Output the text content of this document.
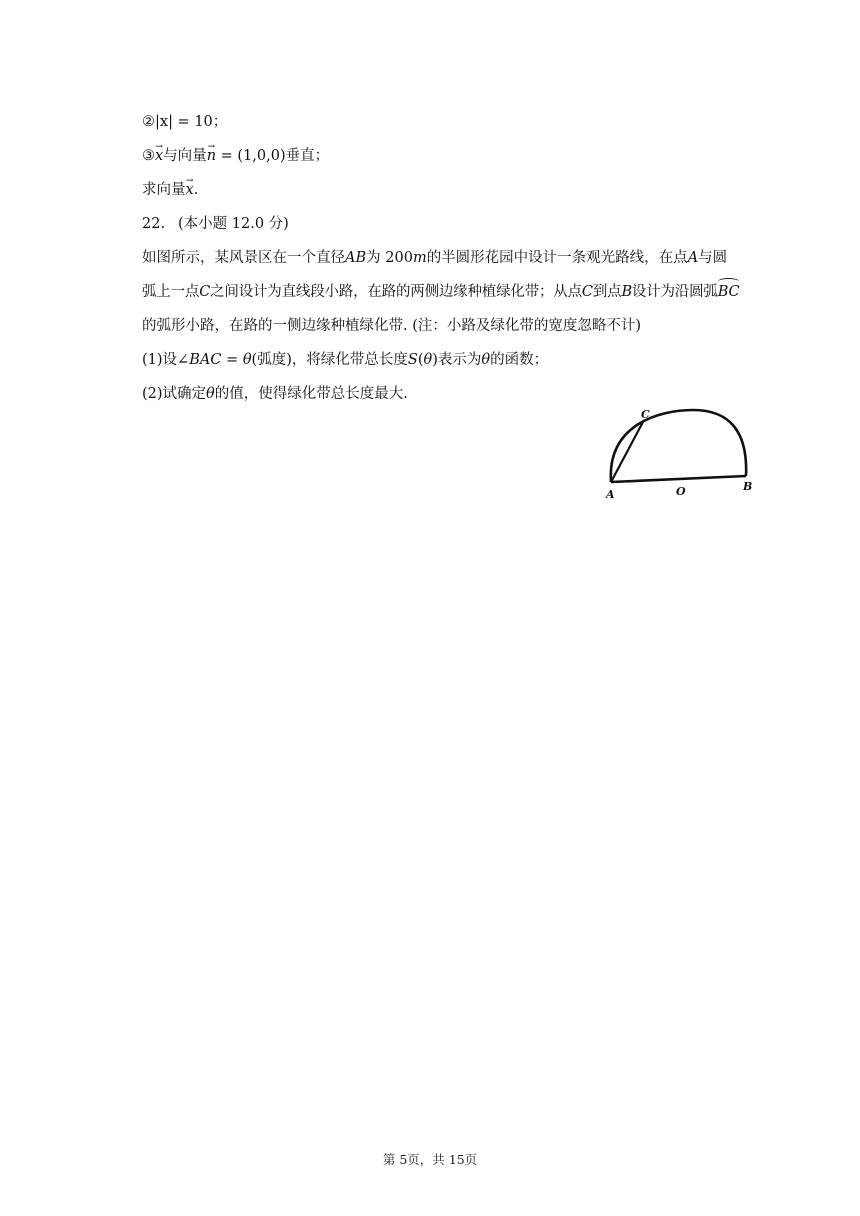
②|x| = 10；
③→ x与向量→ n = (1,0,0)垂直；
求向量→ x.
22. (本小题 12.0 分)
如图所示，某风景区在一个直径AB为 200m的半圆形花园中设计一条观光路线，在点A与圆
弧上一点C之间设计为直线段小路，在路的两侧边缘种植绿化带；从点C到点B设计为沿圆弧BC
的弧形小路，在路的一侧边缘种植绿化带. (注：小路及绿化带的宽度忽略不计)
(1)设∠BAC = θ(弧度)，将绿化带总长度S(θ)表示为θ的函数；
(2)试确定θ的值，使得绿化带总长度最大.
A
B
C
O
第 5页，共 15页
